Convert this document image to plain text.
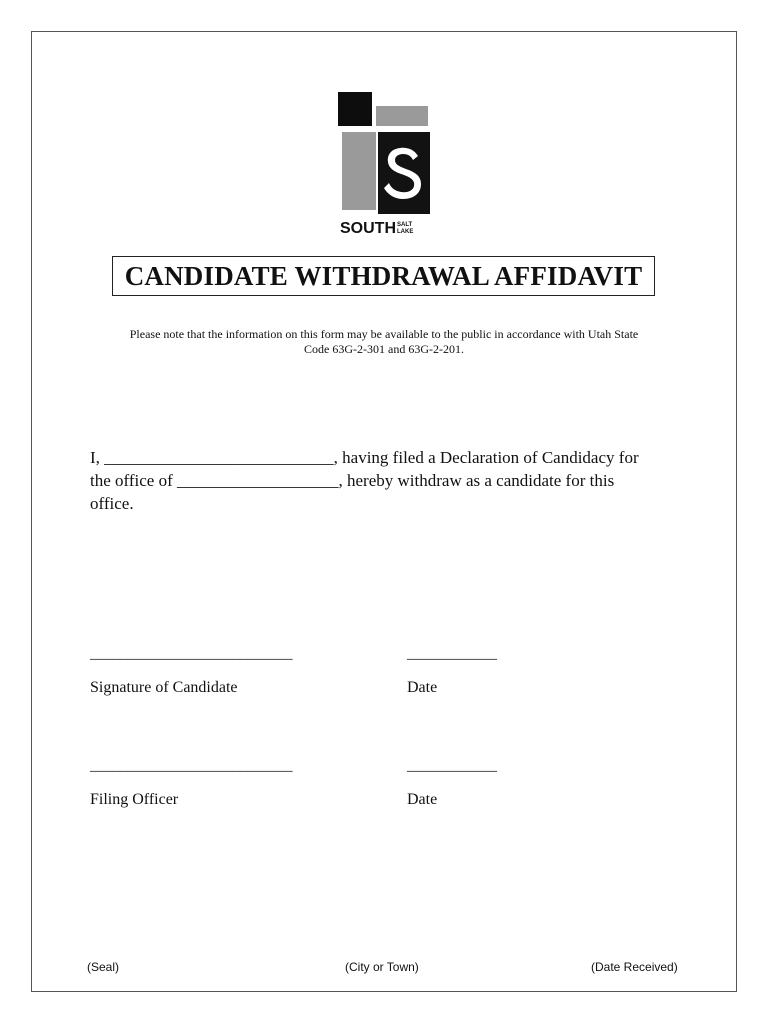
SOUTH SALT
LAKE
CANDIDATE WITHDRAWAL AFFIDAVIT
Please note that the information on this form may be available to the public in accordance with Utah State
Code 63G-2-301 and 63G-2-201.
I, ___________________________, having filed a Declaration of Candidacy for
the office of ___________________, hereby withdraw as a candidate for this
office.
___________________________	____________
Signature of Candidate	Date
___________________________	____________
Filing Officer	Date
(Seal)	(City or Town)	(Date Received)
